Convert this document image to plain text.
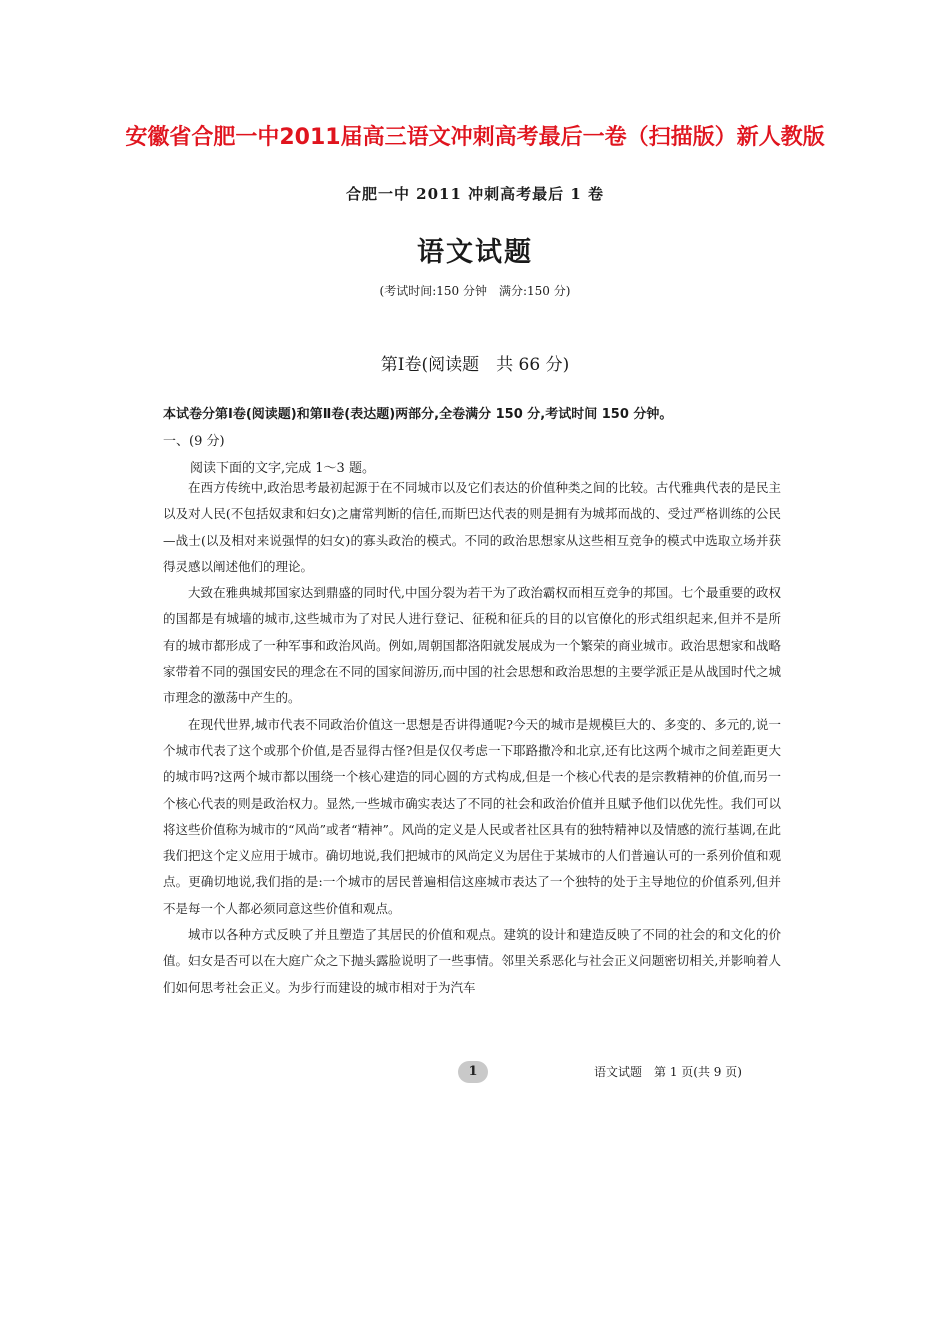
安徽省合肥一中2011届高三语文冲刺高考最后一卷（扫描版）新人教版
合肥一中 2011 冲刺高考最后 1 卷
语文试题
(考试时间:150 分钟　满分:150 分)
第Ⅰ卷(阅读题　共 66 分)
本试卷分第Ⅰ卷(阅读题)和第Ⅱ卷(表达题)两部分,全卷满分 150 分,考试时间 150 分钟。
一、(9 分)
阅读下面的文字,完成 1～3 题。

在西方传统中,政治思考最初起源于在不同城市以及它们表达的价值种类之间的比较。古代雅典代表的是民主以及对人民(不包括奴隶和妇女)之庸常判断的信任,而斯巴达代表的则是拥有为城邦而战的、受过严格训练的公民—战士(以及相对来说强悍的妇女)的寡头政治的模式。不同的政治思想家从这些相互竞争的模式中选取立场并获得灵感以阐述他们的理论。

大致在雅典城邦国家达到鼎盛的同时代,中国分裂为若干为了政治霸权而相互竞争的邦国。七个最重要的政权的国都是有城墙的城市,这些城市为了对民人进行登记、征税和征兵的目的以官僚化的形式组织起来,但并不是所有的城市都形成了一种军事和政治风尚。例如,周朝国都洛阳就发展成为一个繁荣的商业城市。政治思想家和战略家带着不同的强国安民的理念在不同的国家间游历,而中国的社会思想和政治思想的主要学派正是从战国时代之城市理念的激荡中产生的。

在现代世界,城市代表不同政治价值这一思想是否讲得通呢?今天的城市是规模巨大的、多变的、多元的,说一个城市代表了这个或那个价值,是否显得古怪?但是仅仅考虑一下耶路撒冷和北京,还有比这两个城市之间差距更大的城市吗?这两个城市都以围绕一个核心建造的同心圆的方式构成,但是一个核心代表的是宗教精神的价值,而另一个核心代表的则是政治权力。显然,一些城市确实表达了不同的社会和政治价值并且赋予他们以优先性。我们可以将这些价值称为城市的“风尚”或者“精神”。风尚的定义是人民或者社区具有的独特精神以及情感的流行基调,在此我们把这个定义应用于城市。确切地说,我们把城市的风尚定义为居住于某城市的人们普遍认可的一系列价值和观点。更确切地说,我们指的是:一个城市的居民普遍相信这座城市表达了一个独特的处于主导地位的价值系列,但并不是每一个人都必须同意这些价值和观点。

城市以各种方式反映了并且塑造了其居民的价值和观点。建筑的设计和建造反映了不同的社会的和文化的价值。妇女是否可以在大庭广众之下抛头露脸说明了一些事情。邻里关系恶化与社会正义问题密切相关,并影响着人们如何思考社会正义。为步行而建设的城市相对于为汽车

1	语文试题　第 1 页(共 9 页)
